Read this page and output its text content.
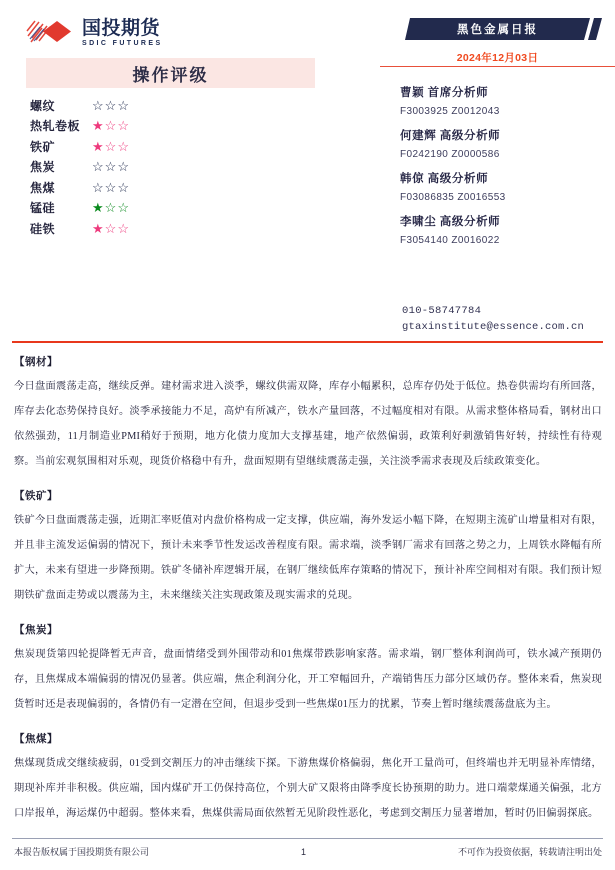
国投期货
SDIC FUTURES
操作评级
螺纹	☆ ☆ ☆
热轧卷板 ★ ☆ ☆
铁矿	★ ☆ ☆
焦炭	☆ ☆ ☆
焦煤	☆ ☆ ☆
锰硅	★ ☆ ☆
硅铁	★ ☆ ☆
黑色金属日报
2024年12月03日
曹颖 首席分析师
F3003925 Z0012043
何建辉 高级分析师
F0242190 Z0000586
韩倞 高级分析师
F03086835 Z0016553
李啸尘 高级分析师
F3054140 Z0016022
010-58747784
gtaxinstitute@essence.com.cn
【钢材】
今日盘面震荡走高，继续反弹。建材需求进入淡季，螺纹供需双降，库存小幅累积，总库存仍处于低位。热卷供需均有所回落，库存去化态势保持良好。淡季承接能力不足，高炉有所减产，铁水产量回落，不过幅度相对有限。从需求整体格局看，钢材出口依然强劲，11月制造业PMI稍好于预期，地方化债力度加大支撑基建，地产依然偏弱，政策利好刺激销售好转，持续性有待观察。当前宏观氛围相对乐观，现货价格稳中有升，盘面短期有望继续震荡走强，关注淡季需求表现及后续政策变化。
【铁矿】
铁矿今日盘面震荡走强，近期汇率贬值对内盘价格构成一定支撑，供应端，海外发运小幅下降，在短期主流矿山增量相对有限，并且非主流发运偏弱的情况下，预计未来季节性发运改善程度有限。需求端，淡季钢厂需求有回落之势之力，上周铁水降幅有所扩大，未来有望进一步降预期。铁矿冬储补库逻辑开展，在钢厂继续低库存策略的情况下，预计补库空间相对有限。我们预计短期铁矿盘面走势或以震荡为主，未来继续关注实现政策及现实需求的兑现。
【焦炭】
焦炭现货第四轮提降暂无声音，盘面情绪受到外围带动和01焦煤带跌影响家落。需求端，钢厂整体利润尚可，铁水减产预期仍存，且焦煤成本端偏弱的情况仍显著。供应端，焦企利润分化，开工窄幅回升，产端销售压力部分区域仍存。整体来看，焦炭现货暂时还是表现偏弱的，各情仍有一定潜在空间，但退步受到一些焦煤01压力的扰累，节奏上暂时继续震荡盘底为主。
【焦煤】
焦煤现货成交继续疲弱，01受到交割压力的冲击继续下探。下游焦煤价格偏弱，焦化开工量尚可，但终端也并无明显补库情绪，期现补库并非积极。供应端，国内煤矿开工仍保持高位，个别大矿又限将由降季度长协预期的助力。进口端蒙煤通关偏强，北方口岸报单，海运煤仍中超弱。整体来看，焦煤供需局面依然暂无见阶段性恶化，考虑到交割压力显著增加，暂时仍旧偏弱探底。
本报告版权属于国投期货有限公司	1	不可作为投资依据，转载请注明出处
